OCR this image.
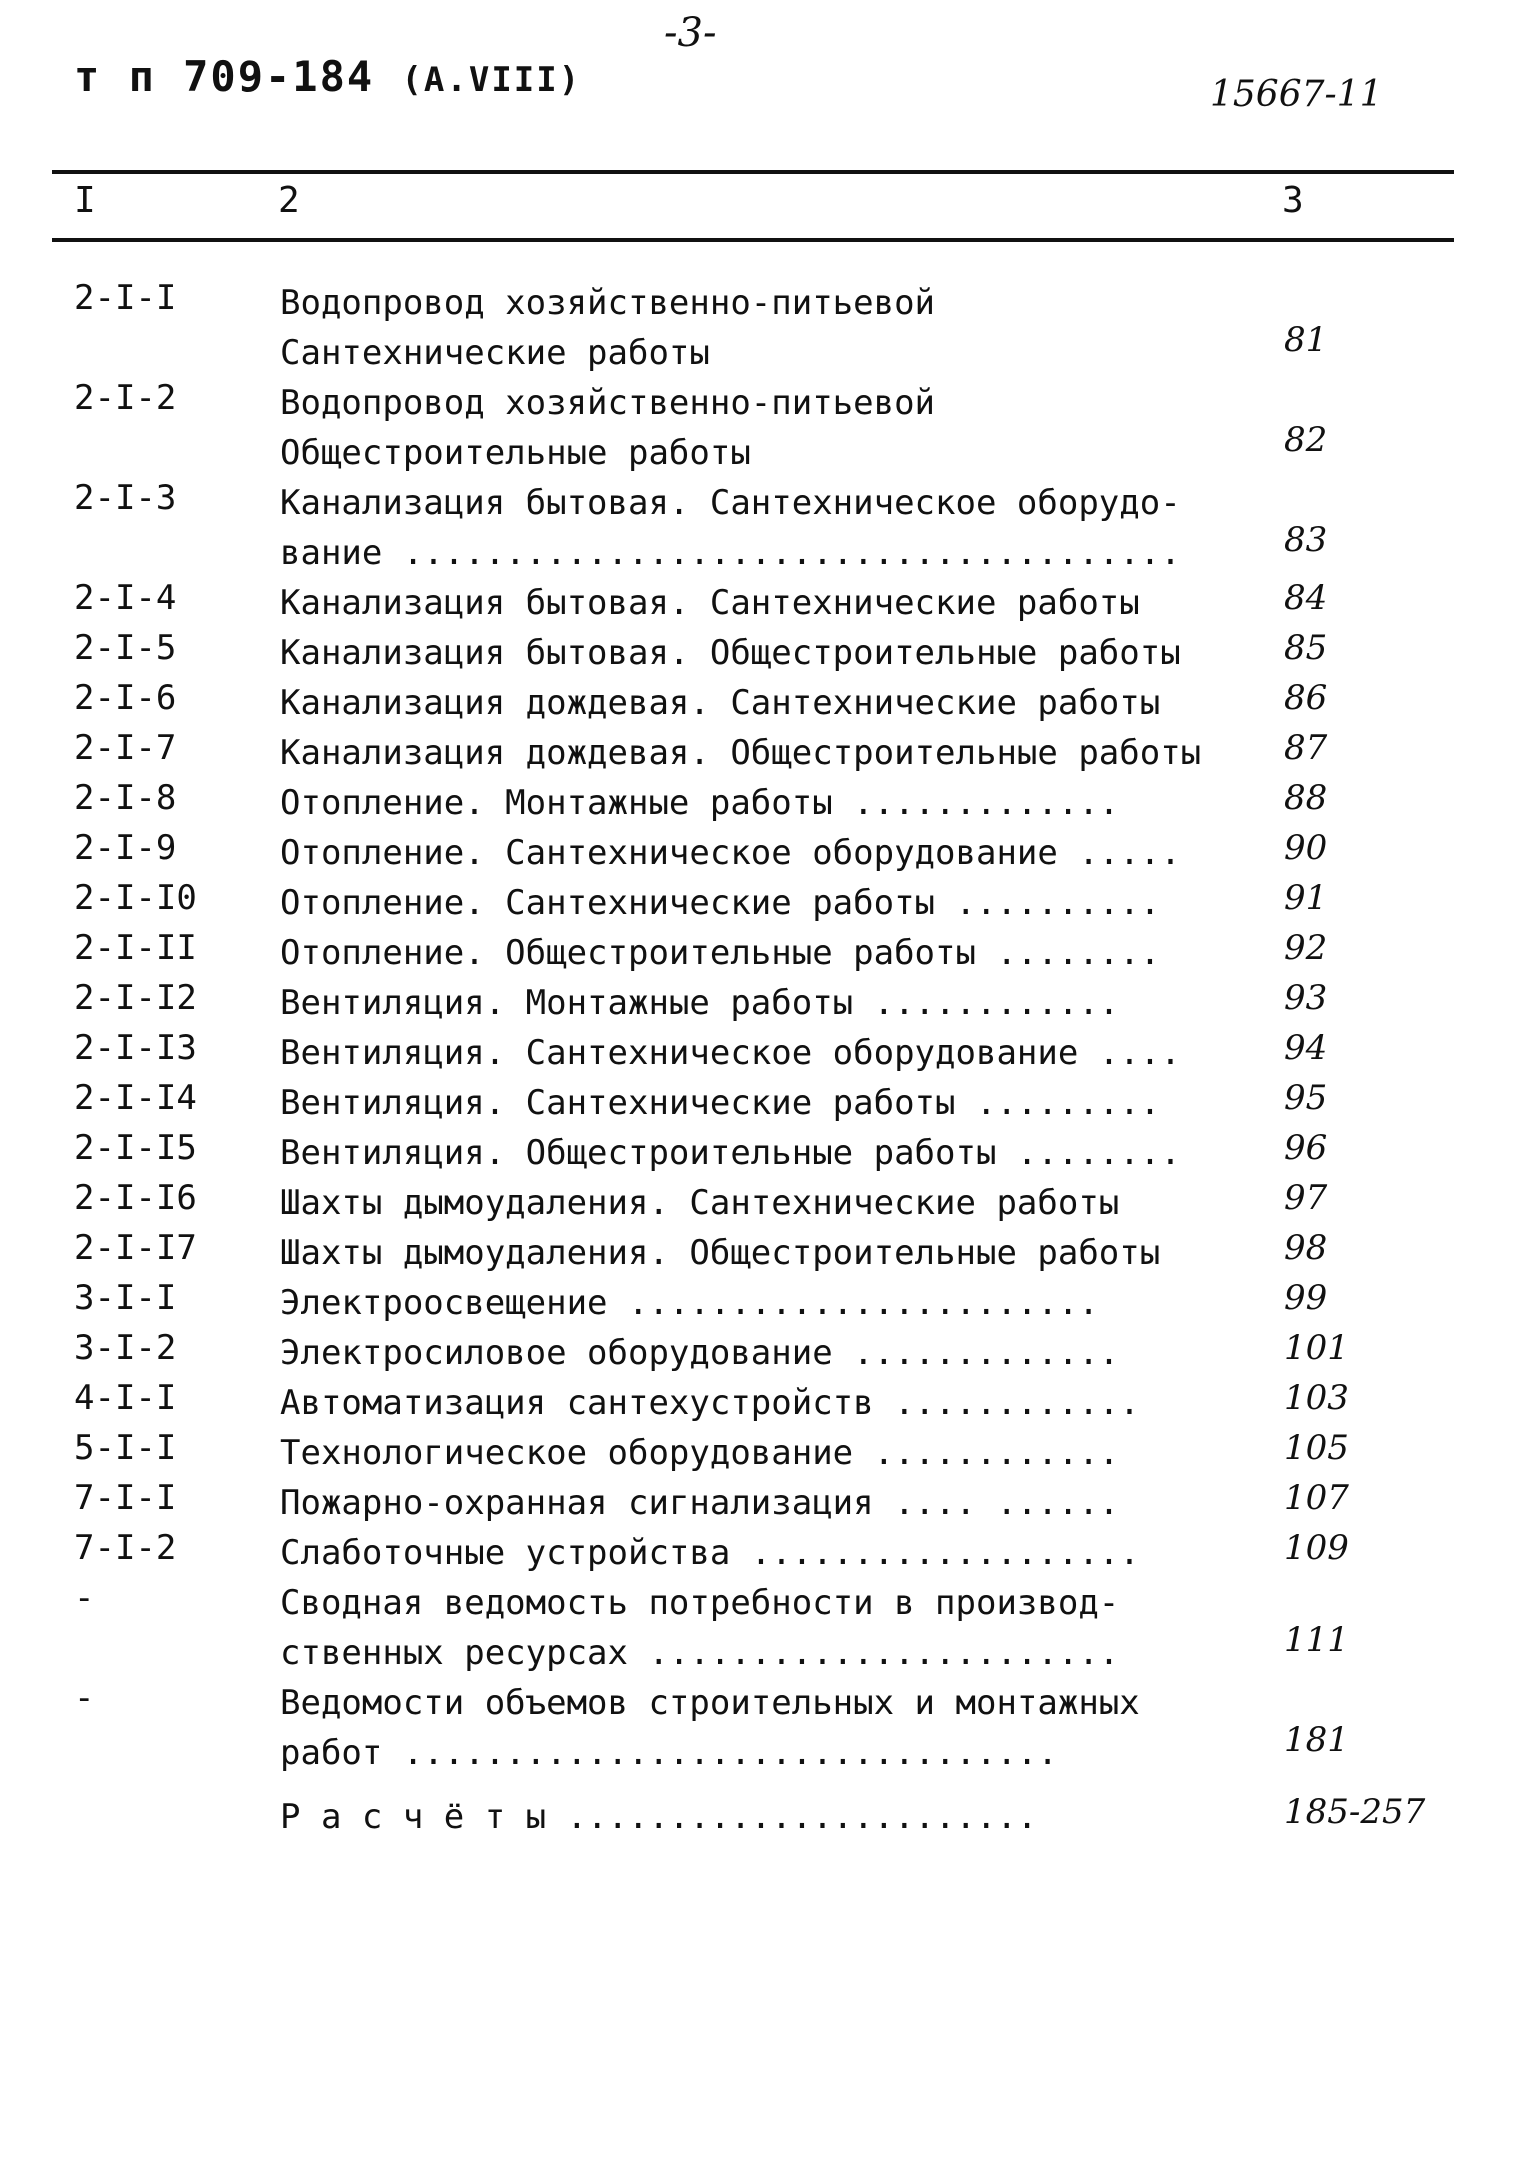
т п 709-184 (А.VIII)
-3-
15667-11
I	2	3
2-I-I	Водопровод хозяйственно-питьевой
Сантехнические работы	81
2-I-2	Водопровод хозяйственно-питьевой
Общестроительные работы	82
2-I-3	Канализация бытовая. Сантехническое оборудо-
вание ......................................	83
2-I-4	Канализация бытовая. Сантехнические работы	84
2-I-5	Канализация бытовая. Общестроительные работы	85
2-I-6	Канализация дождевая. Сантехнические работы	86
2-I-7	Канализация дождевая. Общестроительные работы 87
2-I-8	Отопление. Монтажные работы .............	88
2-I-9	Отопление. Сантехническое оборудование .....	90
2-I-I0 Отопление. Сантехнические работы ..........	91
2-I-II Отопление. Общестроительные работы ........	92
2-I-I2 Вентиляция. Монтажные работы ............	93
2-I-I3 Вентиляция. Сантехническое оборудование ....	94
2-I-I4 Вентиляция. Сантехнические работы .........	95
2-I-I5 Вентиляция. Общестроительные работы ........	96
2-I-I6 Шахты дымоудаления. Сантехнические работы	97
2-I-I7 Шахты дымоудаления. Общестроительные работы	98
3-I-I	Электроосвещение .......................	99
3-I-2	Электросиловое оборудование .............	101
4-I-I	Автоматизация сантехустройств ............	103
5-I-I	Технологическое оборудование ............	105
7-I-I	Пожарно-охранная сигнализация .... ......	107
7-I-2	Слаботочные устройства ...................	109
-	Сводная ведомость потребности в производ-
ственных ресурсах .......................	111
-	Ведомости объемов строительных и монтажных
работ ................................	181
Р а с ч ё т ы .......................	185-257
